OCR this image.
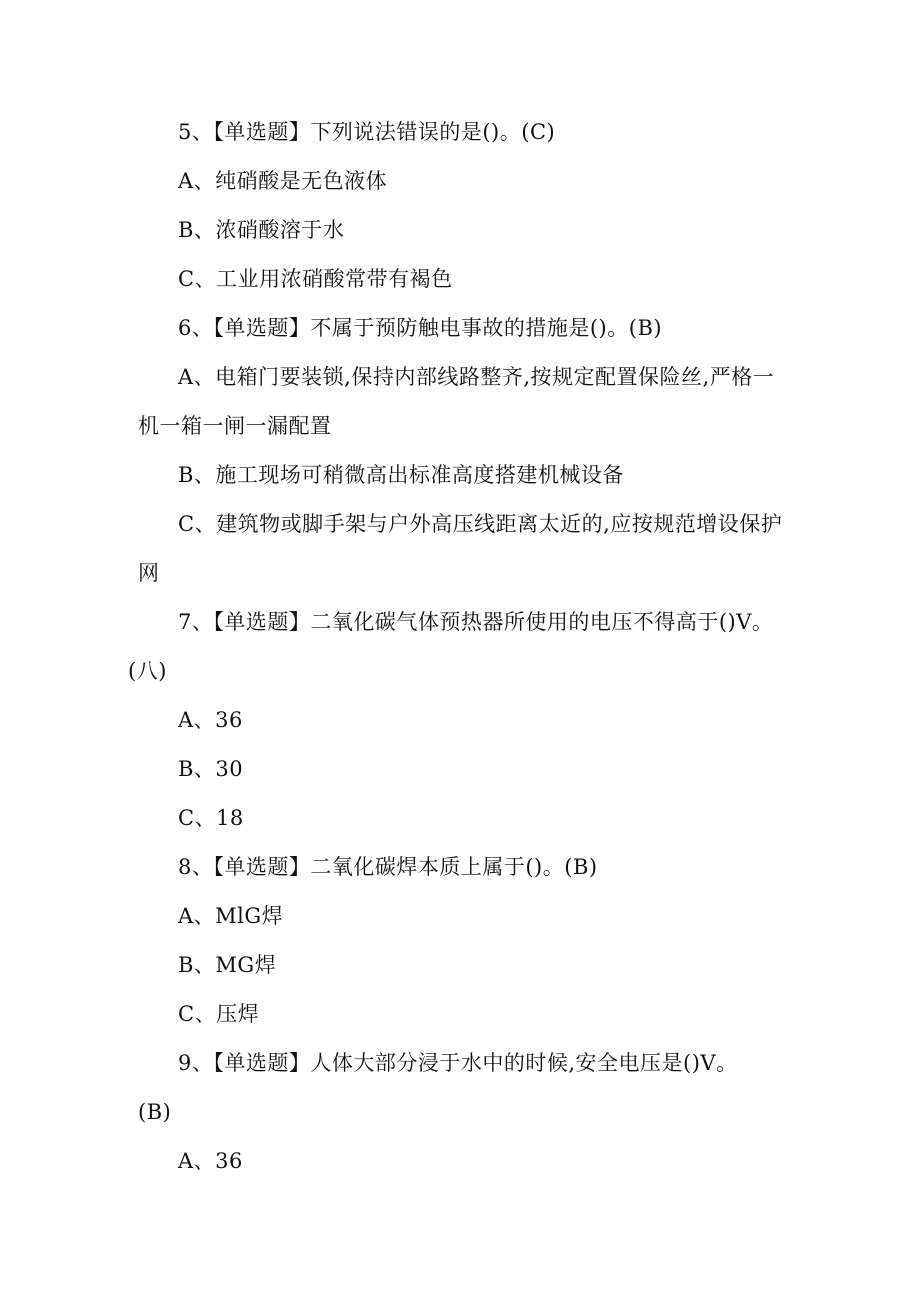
5、【单选题】下列说法错误的是()。(C)
A、纯硝酸是无色液体
B、浓硝酸溶于水
C、工业用浓硝酸常带有褐色
6、【单选题】不属于预防触电事故的措施是()。(B)
A、电箱门要装锁,保持内部线路整齐,按规定配置保险丝,严格一
机一箱一闸一漏配置
B、施工现场可稍微高出标准高度搭建机械设备
C、建筑物或脚手架与户外高压线距离太近的,应按规范增设保护
网
7、【单选题】二氧化碳气体预热器所使用的电压不得高于()V。
(八)
A、36
B、30
C、18
8、【单选题】二氧化碳焊本质上属于()。(B)
A、MlG焊
B、MG焊
C、压焊
9、【单选题】人体大部分浸于水中的时候,安全电压是()V。
(B)
A、36
